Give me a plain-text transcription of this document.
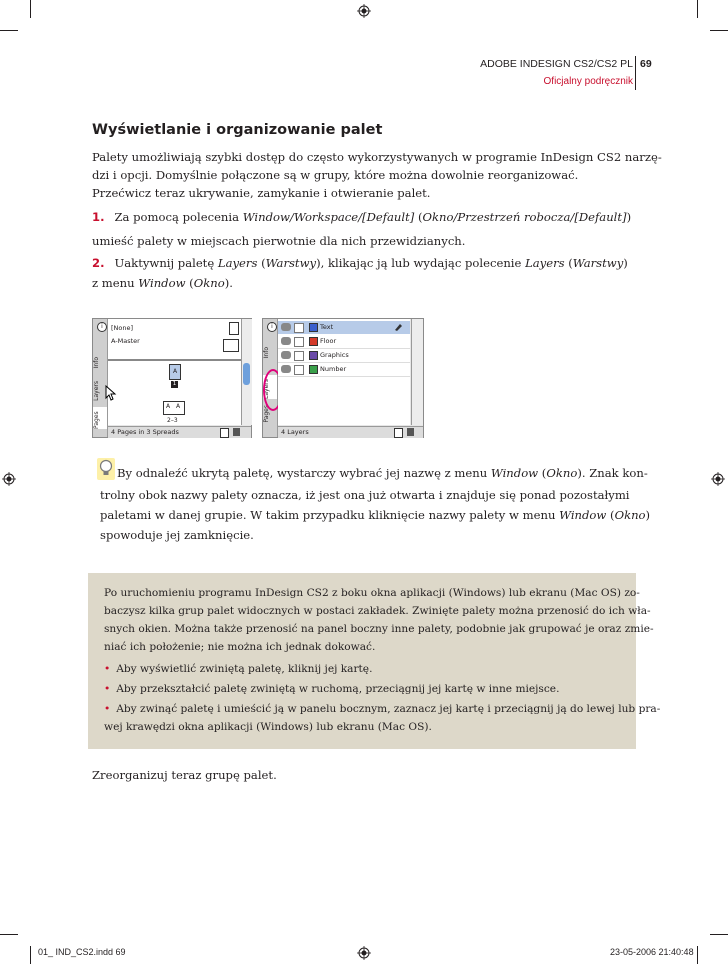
ADOBE INDESIGN CS2/CS2 PL 69
Oficjalny podręcznik
Wyświetlanie i organizowanie palet
Palety umożliwiają szybki dostęp do często wykorzystywanych w programie InDesign CS2 narzę-
dzi i opcji. Domyślnie połączone są w grupy, które można dowolnie reorganizować.
Przećwicz teraz ukrywanie, zamykanie i otwieranie palet.
1. Za pomocą polecenia Window/Workspace/[Default] (Okno/Przestrzeń robocza/[Default])
umieść palety w miejscach pierwotnie dla nich przewidzianych.
2. Uaktywnij paletę Layers (Warstwy), klikając ją lub wydając polecenie Layers (Warstwy)
z menu Window (Okno).
Info
Layers
Pages
i	[None]
A-Master
A
1
A A
2–3
4 Pages in 3 Spreads
Info
Layers
Pages
i	Text
Floor
Graphics
Number
4 Layers
By odnaleźć ukrytą paletę, wystarczy wybrać jej nazwę z menu Window (Okno). Znak kon-
trolny obok nazwy palety oznacza, iż jest ona już otwarta i znajduje się ponad pozostałymi
paletami w danej grupie. W takim przypadku kliknięcie nazwy palety w menu Window (Okno)
spowoduje jej zamknięcie.
Po uruchomieniu programu InDesign CS2 z boku okna aplikacji (Windows) lub ekranu (Mac OS) zo-
baczysz kilka grup palet widocznych w postaci zakładek. Zwinięte palety można przenosić do ich wła-
snych okien. Można także przenosić na panel boczny inne palety, podobnie jak grupować je oraz zmie-
niać ich położenie; nie można ich jednak dokować.
• Aby wyświetlić zwiniętą paletę, kliknij jej kartę.
• Aby przekształcić paletę zwiniętą w ruchomą, przeciągnij jej kartę w inne miejsce.
• Aby zwinąć paletę i umieścić ją w panelu bocznym, zaznacz jej kartę i przeciągnij ją do lewej lub pra-
wej krawędzi okna aplikacji (Windows) lub ekranu (Mac OS).
Zreorganizuj teraz grupę palet.
01_ IND_CS2.indd 69	23-05-2006 21:40:48
